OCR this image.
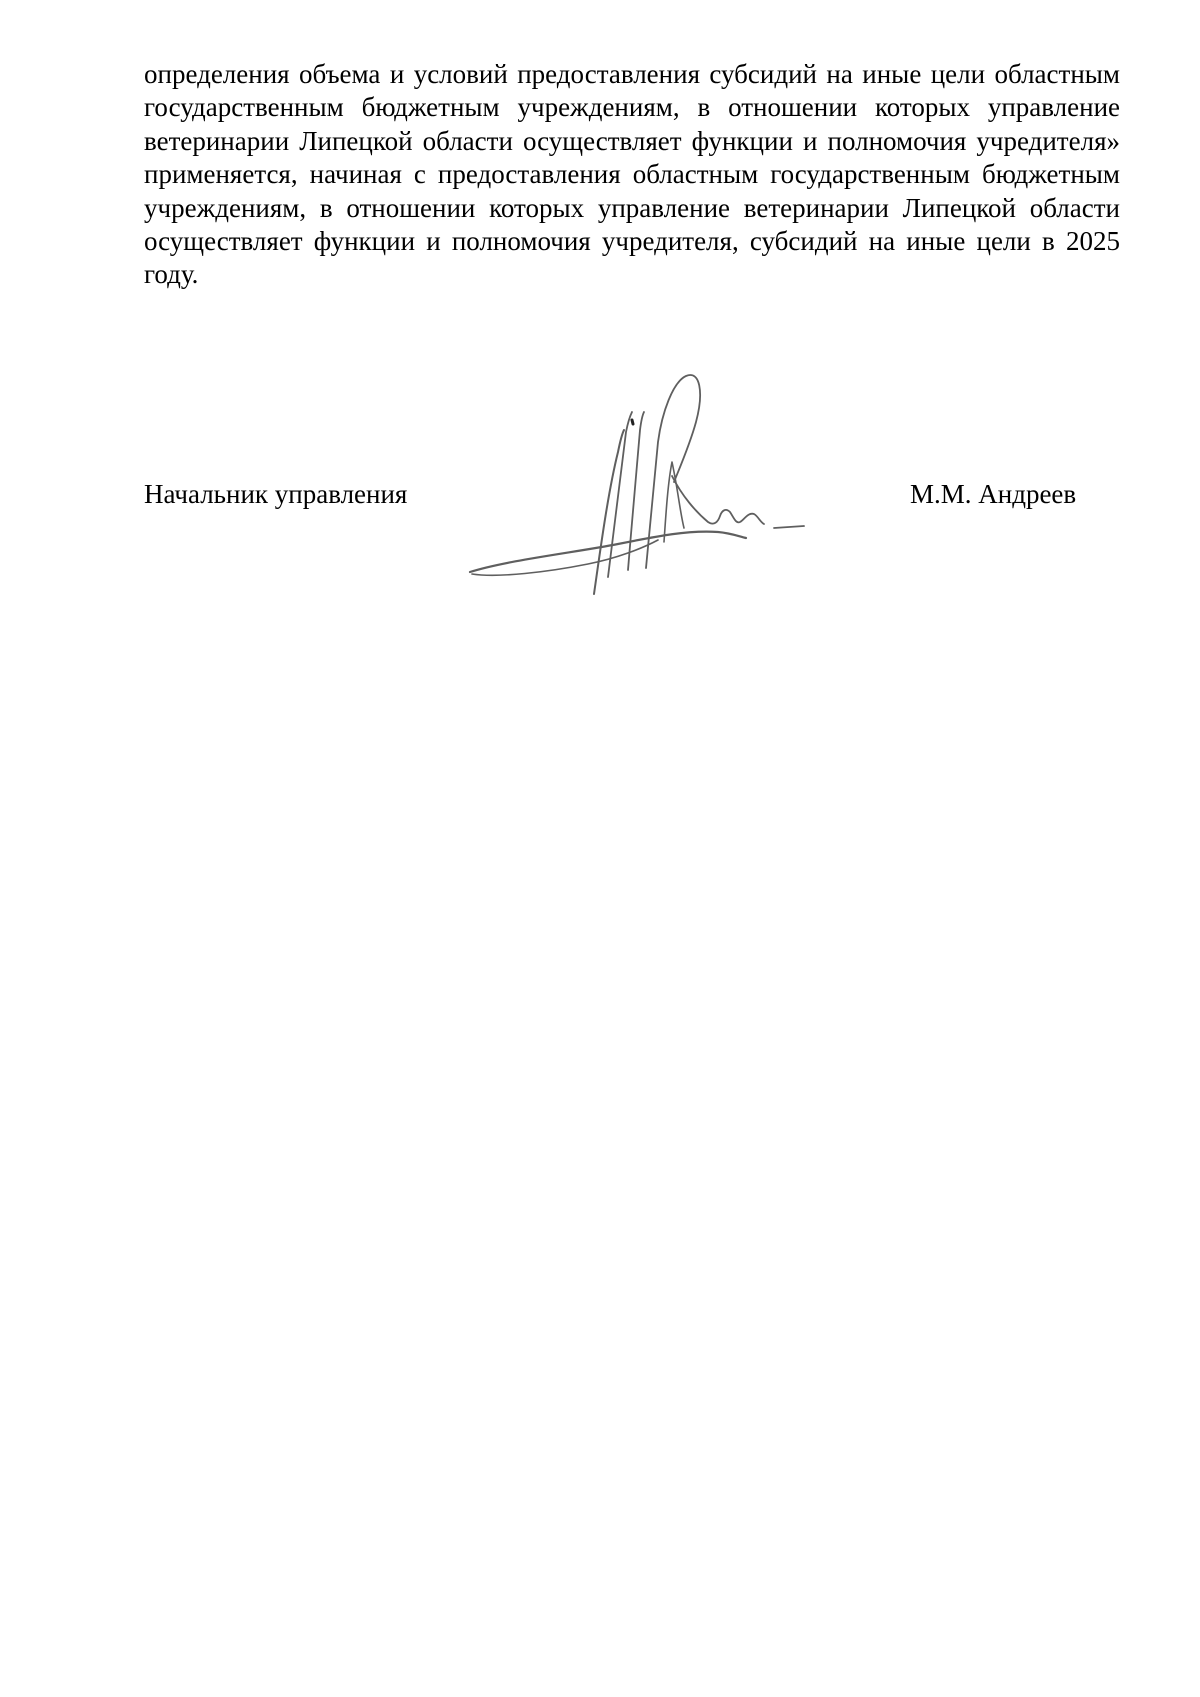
определения объема и условий предоставления субсидий на иные цели областным государственным бюджетным учреждениям, в отношении которых управление ветеринарии Липецкой области осуществляет функции и полномочия учредителя» применяется, начиная с предоставления областным государственным бюджетным учреждениям, в отношении которых управление ветеринарии Липецкой области осуществляет функции и полномочия учредителя, субсидий на иные цели в 2025 году.

Начальник управления	М.М. Андреев
